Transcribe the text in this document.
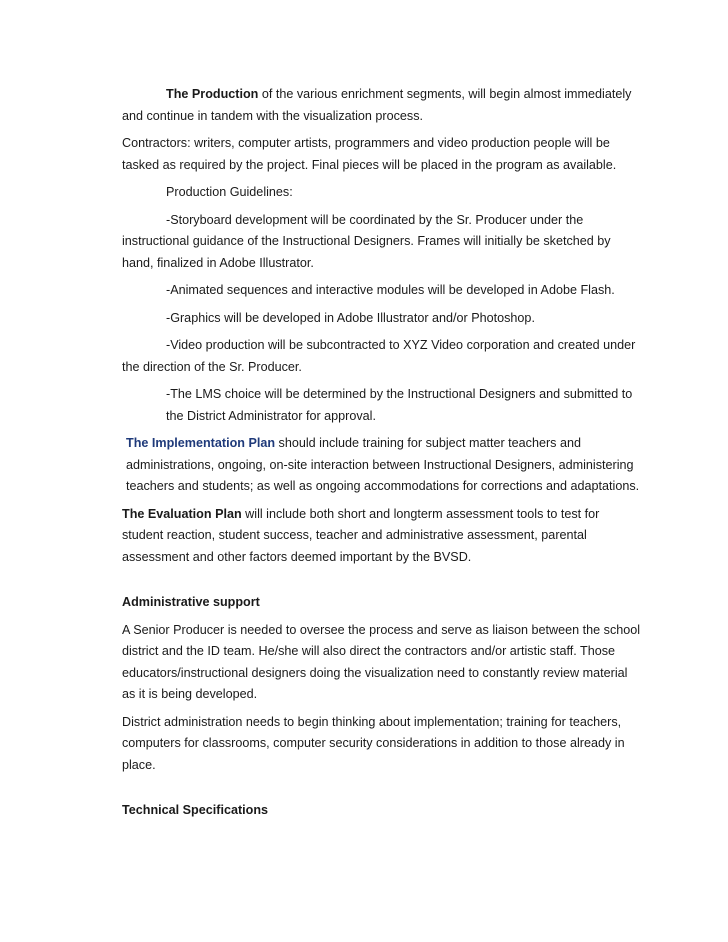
The Production of the various enrichment segments, will begin almost immediately and continue in tandem with the visualization process.

Contractors: writers, computer artists, programmers and video production people will be tasked as required by the project. Final pieces will be placed in the program as available.

Production Guidelines:

-Storyboard development will be coordinated by the Sr. Producer under the instructional guidance of the Instructional Designers. Frames will initially be sketched by hand, finalized in Adobe Illustrator.

-Animated sequences and interactive modules will be developed in Adobe Flash.

-Graphics will be developed in Adobe Illustrator and/or Photoshop.

-Video production will be subcontracted to XYZ Video corporation and created under the direction of the Sr. Producer.

-The LMS choice will be determined by the Instructional Designers and submitted to the District Administrator for approval.

The Implementation Plan should include training for subject matter teachers and administrations, ongoing, on-site interaction between Instructional Designers, administering teachers and students; as well as ongoing accommodations for corrections and adaptations.

The Evaluation Plan will include both short and longterm assessment tools to test for student reaction, student success, teacher and administrative assessment, parental assessment and other factors deemed important by the BVSD.

Administrative support

A Senior Producer is needed to oversee the process and serve as liaison between the school district and the ID team. He/she will also direct the contractors and/or artistic staff. Those educators/instructional designers doing the visualization need to constantly review material as it is being developed.

District administration needs to begin thinking about implementation; training for teachers, computers for classrooms, computer security considerations in addition to those already in place.

Technical Specifications
